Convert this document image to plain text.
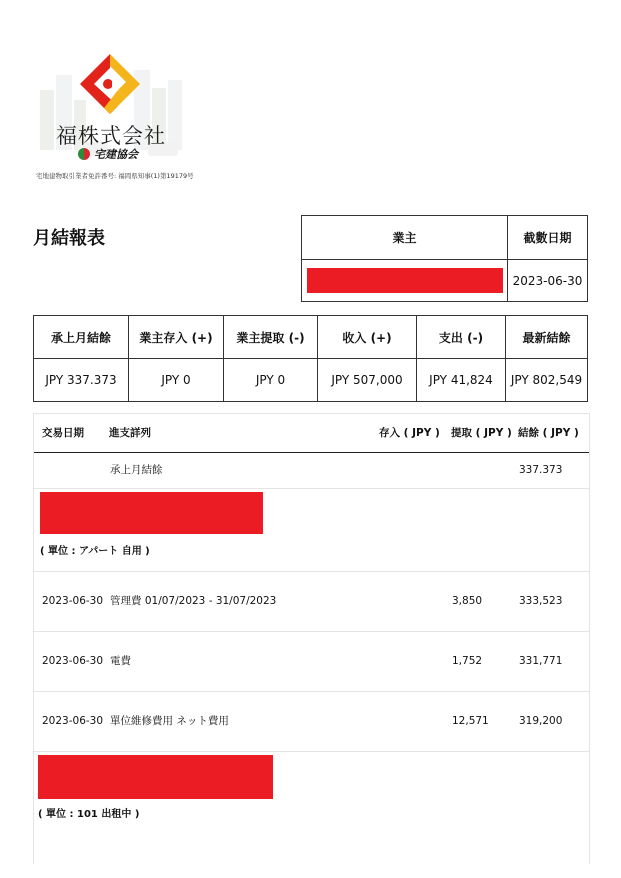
福株式会社
宅建協会
宅地建物取引業者免許番号: 福岡県知事(1)第19179号
月結報表	業主	截數日期

	2023-06-30
承上月結餘	業主存入 (+)	業主提取 (-)	收入 (+)	支出 (-)	最新結餘
JPY 337.373	JPY 0	JPY 0	JPY 507,000	JPY 41,824	JPY 802,549
交易日期	進支詳列	存入 ( JPY )	提取 ( JPY )	結餘 ( JPY )
	承上月結餘			337.373

( 單位 : アパート 自用 )				

2023-06-30	管理費 01/07/2023 - 31/07/2023		3,850	333,523
2023-06-30	電費		1,752	331,771
2023-06-30	單位維修費用 ネット費用		12,571	319,200

( 單位 : 101 出租中 )				
